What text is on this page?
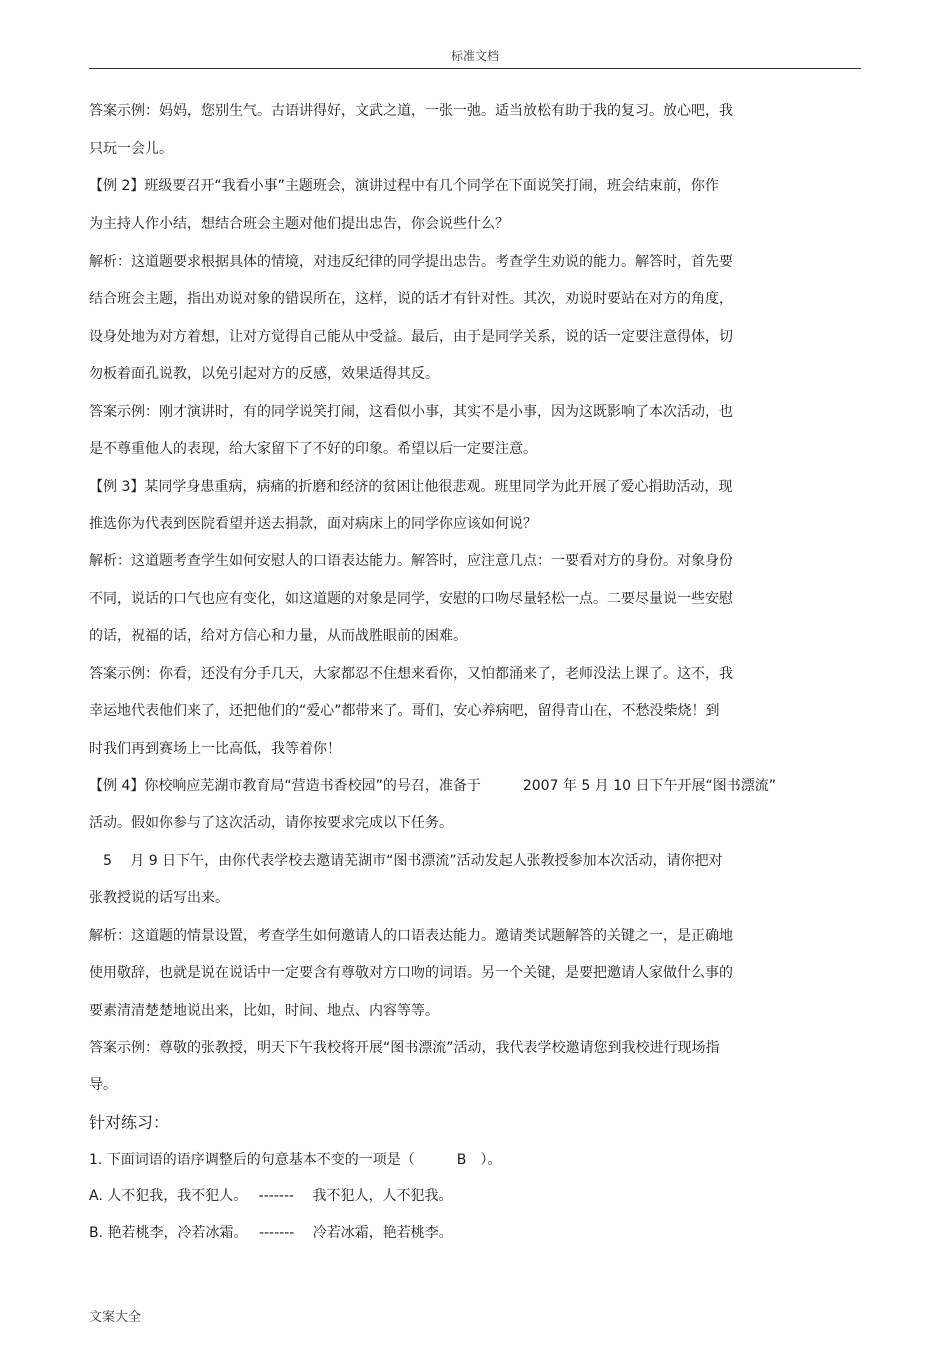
标准文档
答案示例：妈妈，您别生气。古语讲得好，文武之道，一张一弛。适当放松有助于我的复习。放心吧，我
只玩一会儿。
【例 2】班级要召开“我看小事”主题班会，演讲过程中有几个同学在下面说笑打闹，班会结束前，你作
为主持人作小结，想结合班会主题对他们提出忠告，你会说些什么？
解析：这道题要求根据具体的情境，对违反纪律的同学提出忠告。考查学生劝说的能力。解答时，首先要
结合班会主题，指出劝说对象的错误所在，这样，说的话才有针对性。其次，劝说时要站在对方的角度，
设身处地为对方着想，让对方觉得自己能从中受益。最后，由于是同学关系，说的话一定要注意得体，切
勿板着面孔说教，以免引起对方的反感，效果适得其反。
答案示例：刚才演讲时，有的同学说笑打闹，这看似小事，其实不是小事，因为这既影响了本次活动，也
是不尊重他人的表现，给大家留下了不好的印象。希望以后一定要注意。
【例 3】某同学身患重病，病痛的折磨和经济的贫困让他很悲观。班里同学为此开展了爱心捐助活动，现
推选你为代表到医院看望并送去捐款，面对病床上的同学你应该如何说？
解析：这道题考查学生如何安慰人的口语表达能力。解答时，应注意几点：一要看对方的身份。对象身份
不同，说话的口气也应有变化，如这道题的对象是同学，安慰的口吻尽量轻松一点。二要尽量说一些安慰
的话，祝福的话，给对方信心和力量，从而战胜眼前的困难。
答案示例：你看，还没有分手几天，大家都忍不住想来看你，又怕都涌来了，老师没法上课了。这不，我
幸运地代表他们来了，还把他们的“爱心”都带来了。哥们，安心养病吧，留得青山在，不愁没柴烧！到
时我们再到赛场上一比高低，我等着你！
【例 4】你校响应芜湖市教育局“营造书香校园”的号召，准备于　　　2007 年 5 月 10 日下午开展“图书漂流”
活动。假如你参与了这次活动，请你按要求完成以下任务。
　5　 月 9 日下午，由你代表学校去邀请芜湖市“图书漂流”活动发起人张教授参加本次活动，请你把对
张教授说的话写出来。
解析：这道题的情景设置，考查学生如何邀请人的口语表达能力。邀请类试题解答的关键之一，是正确地
使用敬辞，也就是说在说话中一定要含有尊敬对方口吻的词语。另一个关键，是要把邀请人家做什么事的
要素清清楚楚地说出来，比如，时间、地点、内容等等。
答案示例：尊敬的张教授，明天下午我校将开展“图书漂流”活动，我代表学校邀请您到我校进行现场指
导。
针对练习：
1. 下面词语的语序调整后的句意基本不变的一项是（　　　B　）。
A. 人不犯我，我不犯人。　 -------　 我不犯人，人不犯我。
B. 艳若桃李，冷若冰霜。　 -------　 冷若冰霜，艳若桃李。
文案大全
